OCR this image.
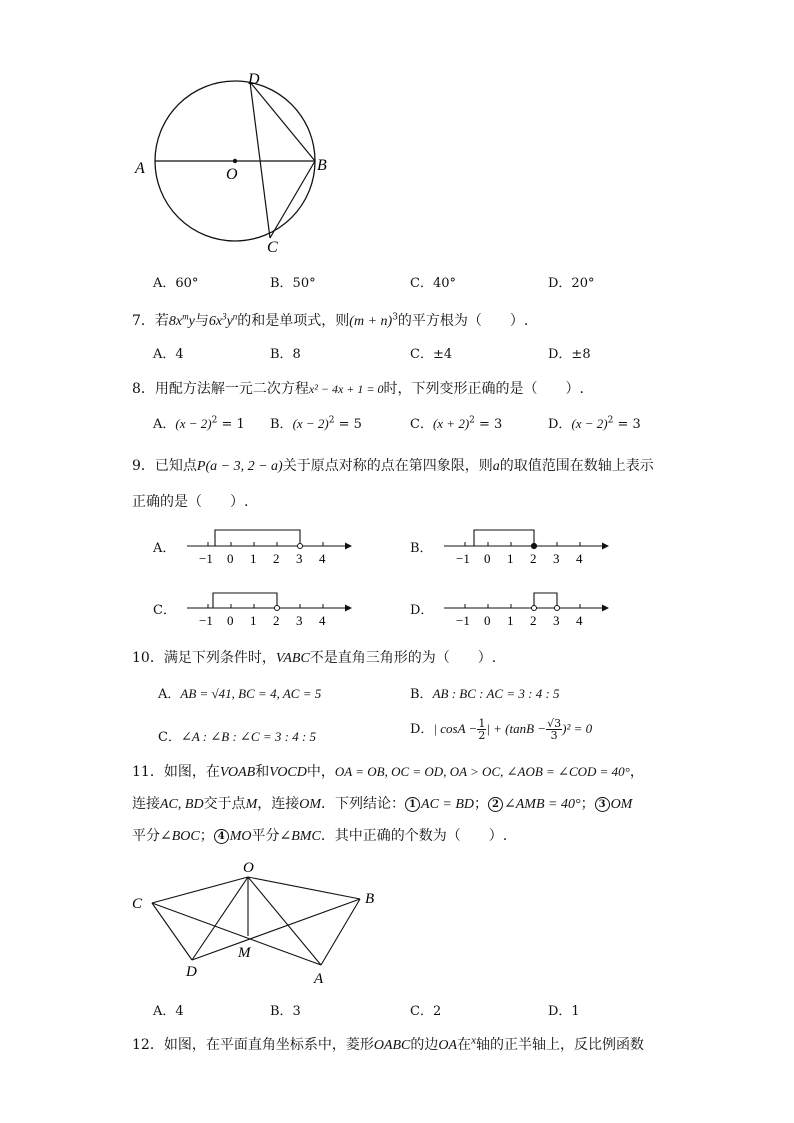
A	O
B
C
D
A．60°	B．50°	C．40°	D．20°
7．若$8x^my$与$6x^3y^n$的和是单项式，则$(m + n)^3$的平方根为（　　）.
A．4	B．8	C．±4	D．±8
8．用配方法解一元二次方程x² − 4x + 1 = 0时，下列变形正确的是（　　）.
A．$(x - 2)^2 = 1$ B．$(x - 2)^2 = 5$	C．$(x + 2)^2 = 3$	D．$(x - 2)^2 = 3$
9．已知点P(a − 3, 2 − a)关于原点对称的点在第四象限，则a的取值范围在数轴上表示
正确的是（　　）.
A．	B．
C．	D．
−1 0 1 2 3 4	−1 0 1 2 3 4
−1 0 1 2 3 4	−1 0 1 2 3 4
10．满足下列条件时，VABC不是直角三角形的为（　　）.
A．AB = √41, BC = 4, AC = 5	B．AB : BC : AC = 3 : 4 : 5
C．∠A : ∠B : ∠C = 3 : 4 : 5	D．| $\cos A - \frac{1}{2}$ | + $(\tan B - \frac{√3}{3} )^2 = 0$
11．如图，在VOAB和VOCD中，OA = OB, OC = OD, OA > OC, ∠AOB = ∠COD = 40°，
连接AC, BD交于点M，连接OM．下列结论： 1 AC = BD； 2 ∠AMB = 40°； 3 OM
平分∠BOC； 4 MO平分∠BMC．其中正确的个数为（　　）.
O
C	B
M
D	A
A．4	B．3	C．2	D．1
12．如图，在平面直角坐标系中，菱形OABC的边OA在$^x$轴的正半轴上，反比例函数
